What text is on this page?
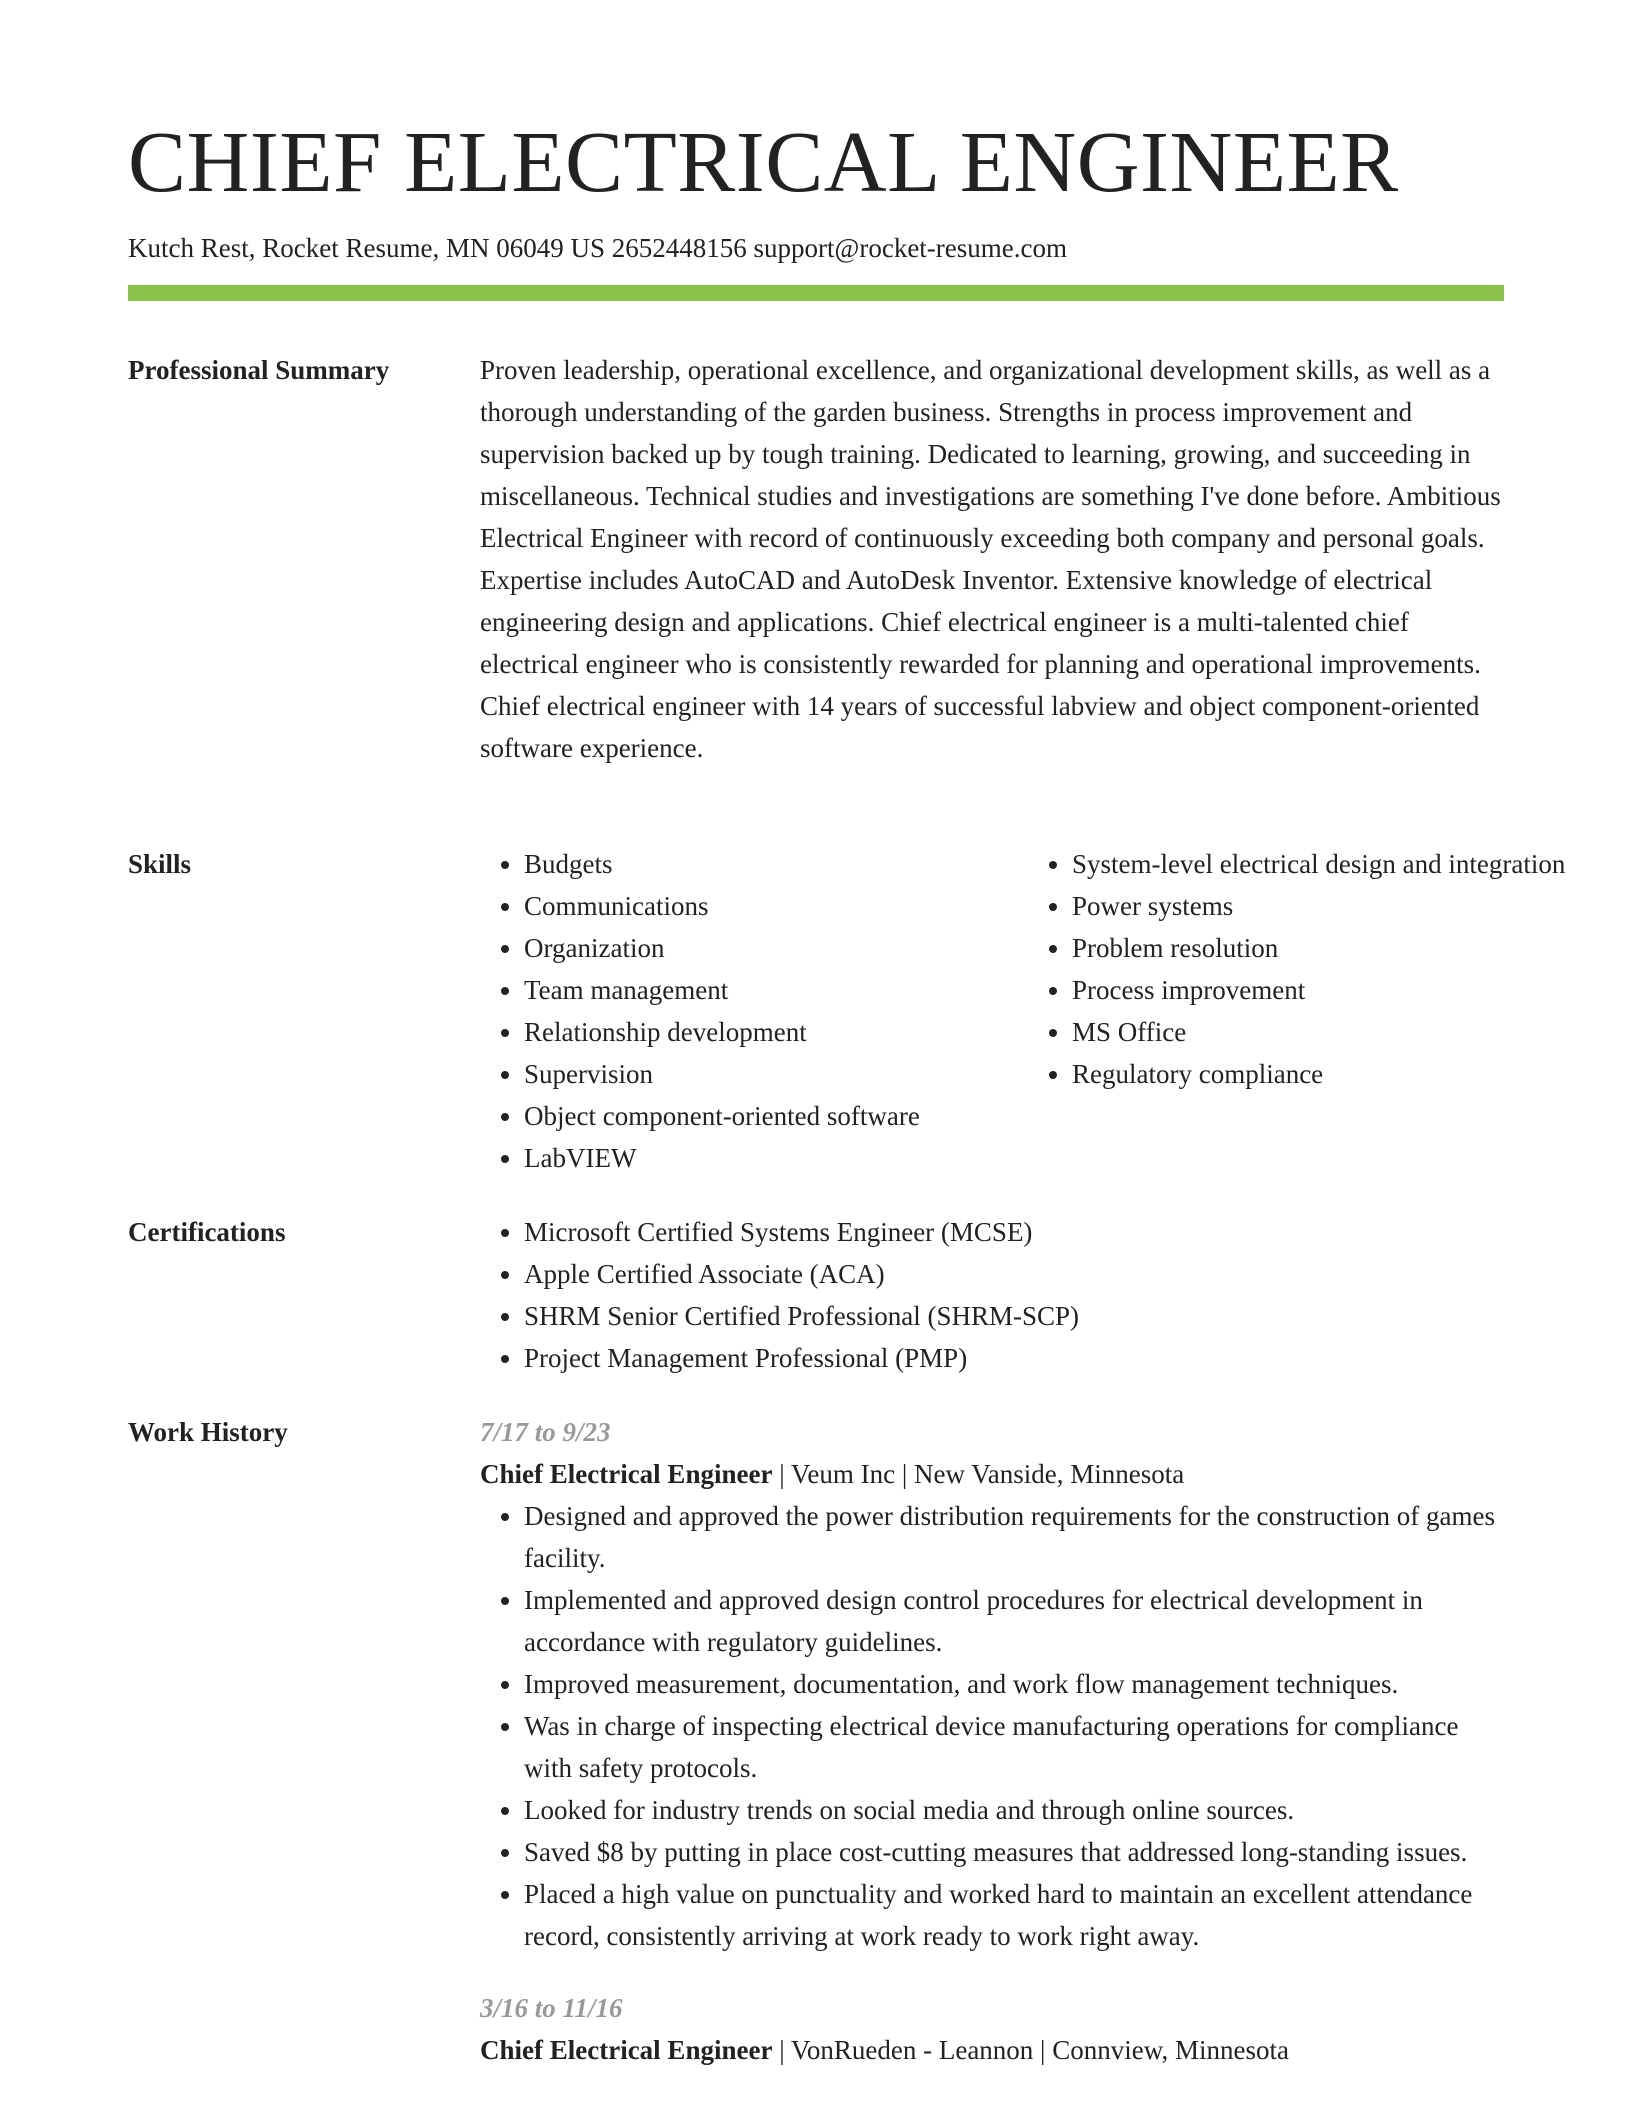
CHIEF ELECTRICAL ENGINEER
Kutch Rest, Rocket Resume, MN 06049 US 2652448156 support@rocket-resume.com
Professional Summary	Proven leadership, operational excellence, and organizational development skills, as well as a thorough understanding of the garden business. Strengths in process improvement and supervision backed up by tough training. Dedicated to learning, growing, and succeeding in miscellaneous. Technical studies and investigations are something I've done before. Ambitious Electrical Engineer with record of continuously exceeding both company and personal goals. Expertise includes AutoCAD and AutoDesk Inventor. Extensive knowledge of electrical engineering design and applications. Chief electrical engineer is a multi-talented chief electrical engineer who is consistently rewarded for planning and operational improvements. Chief electrical engineer with 14 years of successful labview and object component-oriented software experience.

Skills	• Budgets
• Communications
• Organization
• Team management
• Relationship development
• Supervision
• Object component-oriented software
• LabVIEW
• System-level electrical design and integration
• Power systems
• Problem resolution
• Process improvement
• MS Office
• Regulatory compliance
Certifications	• Microsoft Certified Systems Engineer (MCSE)
• Apple Certified Associate (ACA)
• SHRM Senior Certified Professional (SHRM-SCP)
• Project Management Professional (PMP)
Work History	7/17 to 9/23

Chief Electrical Engineer | Veum Inc | New Vanside, Minnesota

• Designed and approved the power distribution requirements for the construction of games facility.
• Implemented and approved design control procedures for electrical development in accordance with regulatory guidelines.
• Improved measurement, documentation, and work flow management techniques.
• Was in charge of inspecting electrical device manufacturing operations for compliance with safety protocols.
• Looked for industry trends on social media and through online sources.
• Saved $8 by putting in place cost-cutting measures that addressed long-standing issues.
• Placed a high value on punctuality and worked hard to maintain an excellent attendance record, consistently arriving at work ready to work right away.
3/16 to 11/16

Chief Electrical Engineer | VonRueden - Leannon | Connview, Minnesota
